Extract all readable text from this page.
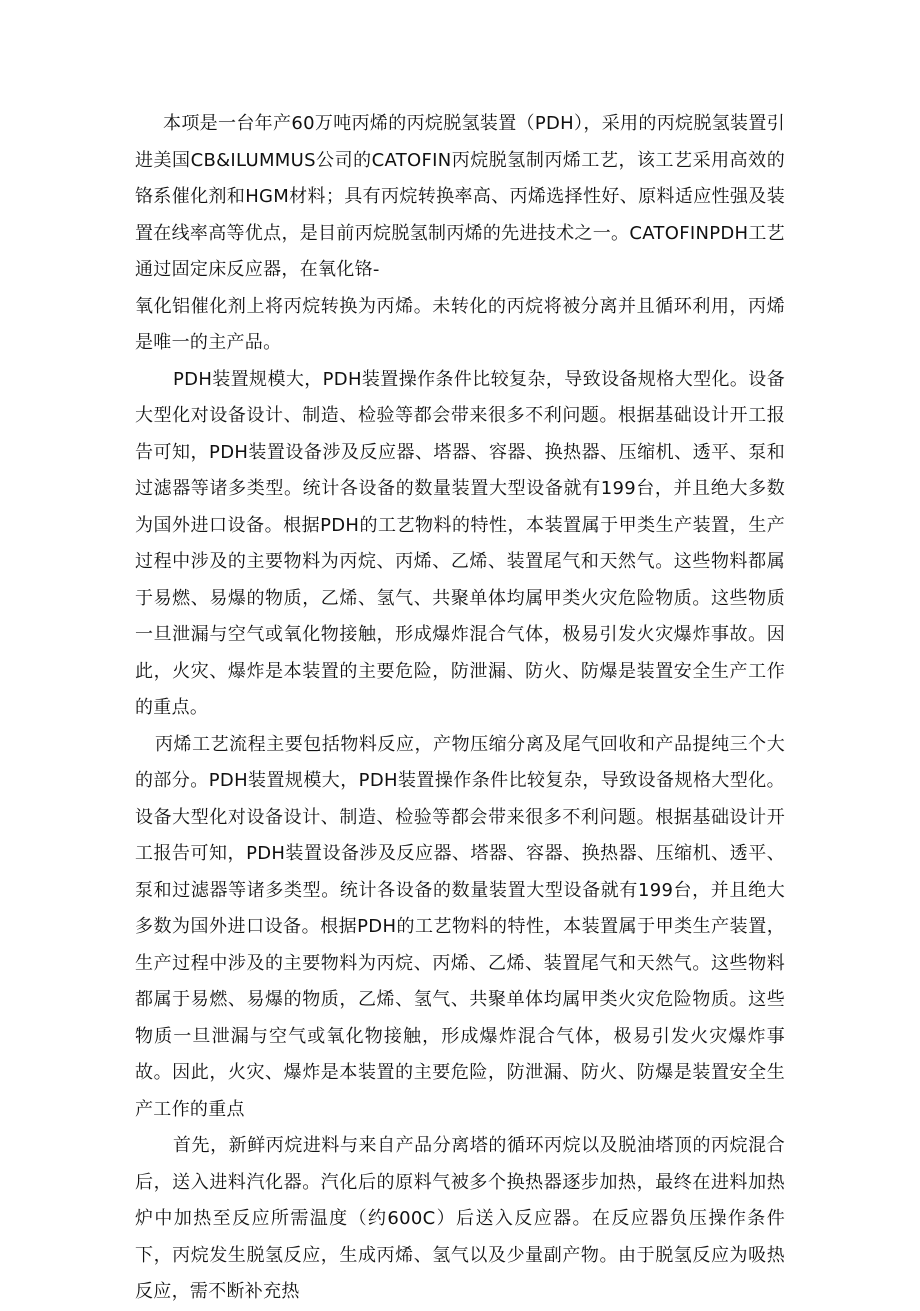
本项是一台年产60万吨丙烯的丙烷脱氢装置（PDH），采用的丙烷脱氢装置引进美国CB&ILUMMUS公司的CATOFIN丙烷脱氢制丙烯工艺，该工艺采用高效的铬系催化剂和HGM材料；具有丙烷转换率高、丙烯选择性好、原料适应性强及装置在线率高等优点，是目前丙烷脱氢制丙烯的先进技术之一。CATOFINPDH工艺通过固定床反应器，在氧化铬-

氧化铝催化剂上将丙烷转换为丙烯。未转化的丙烷将被分离并且循环利用，丙烯是唯一的主产品。

PDH装置规模大，PDH装置操作条件比较复杂，导致设备规格大型化。设备大型化对设备设计、制造、检验等都会带来很多不利问题。根据基础设计开工报告可知，PDH装置设备涉及反应器、塔器、容器、换热器、压缩机、透平、泵和过滤器等诸多类型。统计各设备的数量装置大型设备就有199台，并且绝大多数为国外进口设备。根据PDH的工艺物料的特性，本装置属于甲类生产装置，生产过程中涉及的主要物料为丙烷、丙烯、乙烯、装置尾气和天然气。这些物料都属于易燃、易爆的物质，乙烯、氢气、共聚单体均属甲类火灾危险物质。这些物质一旦泄漏与空气或氧化物接触，形成爆炸混合气体，极易引发火灾爆炸事故。因此，火灾、爆炸是本装置的主要危险，防泄漏、防火、防爆是装置安全生产工作的重点。

丙烯工艺流程主要包括物料反应，产物压缩分离及尾气回收和产品提纯三个大的部分。PDH装置规模大，PDH装置操作条件比较复杂，导致设备规格大型化。设备大型化对设备设计、制造、检验等都会带来很多不利问题。根据基础设计开工报告可知，PDH装置设备涉及反应器、塔器、容器、换热器、压缩机、透平、泵和过滤器等诸多类型。统计各设备的数量装置大型设备就有199台，并且绝大多数为国外进口设备。根据PDH的工艺物料的特性，本装置属于甲类生产装置，生产过程中涉及的主要物料为丙烷、丙烯、乙烯、装置尾气和天然气。这些物料都属于易燃、易爆的物质，乙烯、氢气、共聚单体均属甲类火灾危险物质。这些物质一旦泄漏与空气或氧化物接触，形成爆炸混合气体，极易引发火灾爆炸事故。因此，火灾、爆炸是本装置的主要危险，防泄漏、防火、防爆是装置安全生产工作的重点

首先，新鲜丙烷进料与来自产品分离塔的循环丙烷以及脱油塔顶的丙烷混合后，送入进料汽化器。汽化后的原料气被多个换热器逐步加热，最终在进料加热炉中加热至反应所需温度（约600C）后送入反应器。在反应器负压操作条件下，丙烷发生脱氢反应，生成丙烯、氢气以及少量副产物。由于脱氢反应为吸热反应，需不断补充热
